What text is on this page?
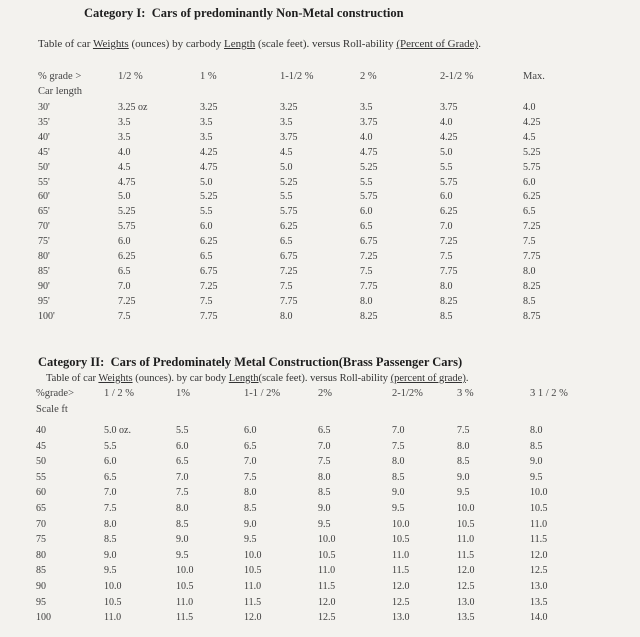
Category I: Cars of predominantly Non-Metal construction
Table of car Weights (ounces) by carbody Length (scale feet). versus Roll-ability (Percent of Grade).
% grade >
Car length
1/2 %	1 %	1-1/2 %	2 %	2-1/2 %	Max.
30'	3.25 oz	3.25	3.25	3.5	3.75	4.0
35'	3.5	3.5	3.5	3.75	4.0	4.25
40'	3.5	3.5	3.75	4.0	4.25	4.5
45'	4.0	4.25	4.5	4.75	5.0	5.25
50'	4.5	4.75	5.0	5.25	5.5	5.75
55'	4.75	5.0	5.25	5.5	5.75	6.0
60'	5.0	5.25	5.5	5.75	6.0	6.25
65'	5.25	5.5	5.75	6.0	6.25	6.5
70'	5.75	6.0	6.25	6.5	7.0	7.25
75'	6.0	6.25	6.5	6.75	7.25	7.5
80'	6.25	6.5	6.75	7.25	7.5	7.75
85'	6.5	6.75	7.25	7.5	7.75	8.0
90'	7.0	7.25	7.5	7.75	8.0	8.25
95'	7.25	7.5	7.75	8.0	8.25	8.5
100'	7.5	7.75	8.0	8.25	8.5	8.75
Category II: Cars of Predominately Metal Construction(Brass Passenger Cars)
Table of car Weights (ounces). by car body Length(scale feet). versus Roll-ability (percent of grade).
%grade>
Scale ft
1 / 2 %	1%	1-1 / 2%	2%	2-1/2%	3 %	3 1 / 2 %
40	5.0 oz.	5.5	6.0	6.5	7.0	7.5	8.0
45	5.5	6.0	6.5	7.0	7.5	8.0	8.5
50	6.0	6.5	7.0	7.5	8.0	8.5	9.0
55	6.5	7.0	7.5	8.0	8.5	9.0	9.5
60	7.0	7.5	8.0	8.5	9.0	9.5	10.0
65	7.5	8.0	8.5	9.0	9.5	10.0	10.5
70	8.0	8.5	9.0	9.5	10.0	10.5	11.0
75	8.5	9.0	9.5	10.0	10.5	11.0	11.5
80	9.0	9.5	10.0	10.5	11.0	11.5	12.0
85	9.5	10.0	10.5	11.0	11.5	12.0	12.5
90	10.0	10.5	11.0	11.5	12.0	12.5	13.0
95	10.5	11.0	11.5	12.0	12.5	13.0	13.5
100	11.0	11.5	12.0	12.5	13.0	13.5	14.0
